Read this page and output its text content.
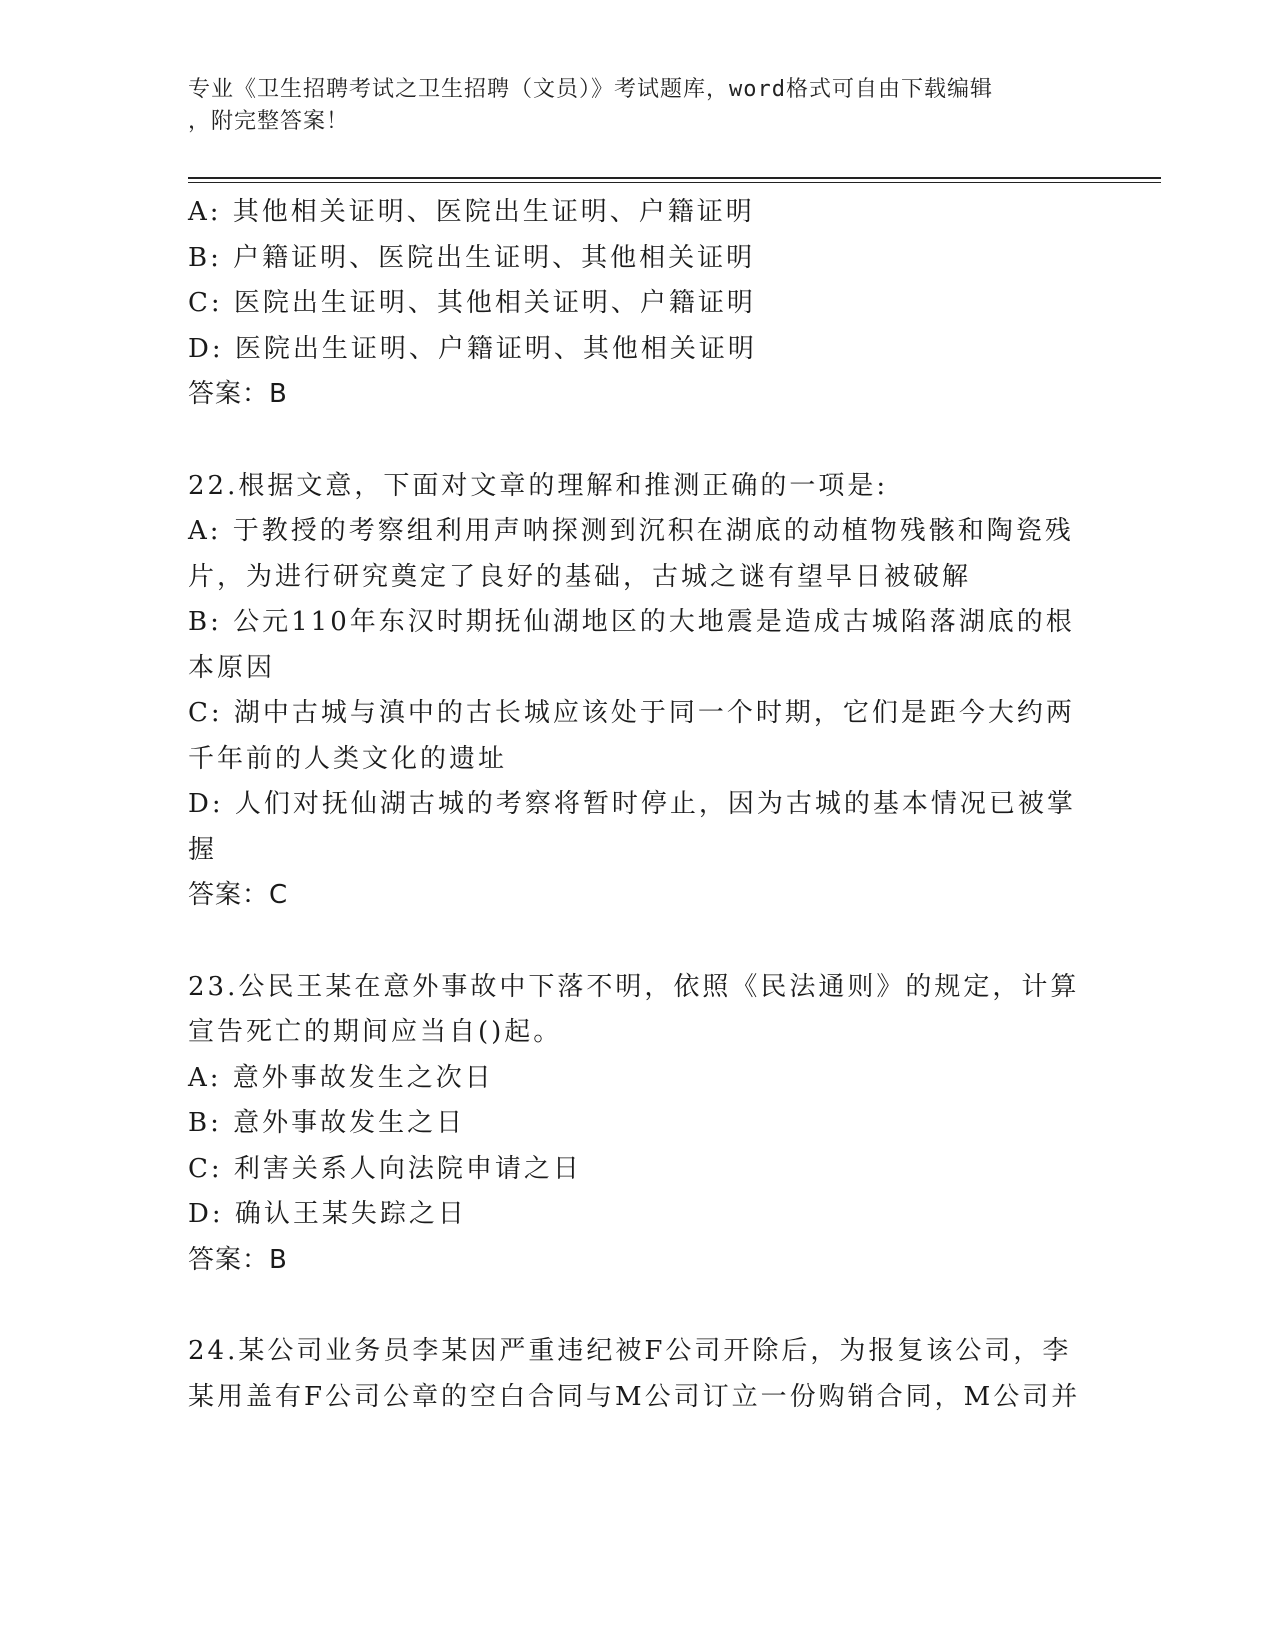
专业《卫生招聘考试之卫生招聘（文员）》考试题库，word格式可自由下载编辑
，附完整答案！

A: 其他相关证明、医院出生证明、户籍证明

B: 户籍证明、医院出生证明、其他相关证明

C: 医院出生证明、其他相关证明、户籍证明

D: 医院出生证明、户籍证明、其他相关证明

答案：B

22.根据文意，下面对文章的理解和推测正确的一项是:

A: 于教授的考察组利用声呐探测到沉积在湖底的动植物残骸和陶瓷残

片，为进行研究奠定了良好的基础，古城之谜有望早日被破解

B: 公元110年东汉时期抚仙湖地区的大地震是造成古城陷落湖底的根

本原因

C: 湖中古城与滇中的古长城应该处于同一个时期，它们是距今大约两

千年前的人类文化的遗址

D: 人们对抚仙湖古城的考察将暂时停止，因为古城的基本情况已被掌

握

答案：C

23.公民王某在意外事故中下落不明，依照《民法通则》的规定，计算

宣告死亡的期间应当自()起。

A: 意外事故发生之次日

B: 意外事故发生之日

C: 利害关系人向法院申请之日

D: 确认王某失踪之日

答案：B

24.某公司业务员李某因严重违纪被F公司开除后，为报复该公司，李

某用盖有F公司公章的空白合同与M公司订立一份购销合同，M公司并
